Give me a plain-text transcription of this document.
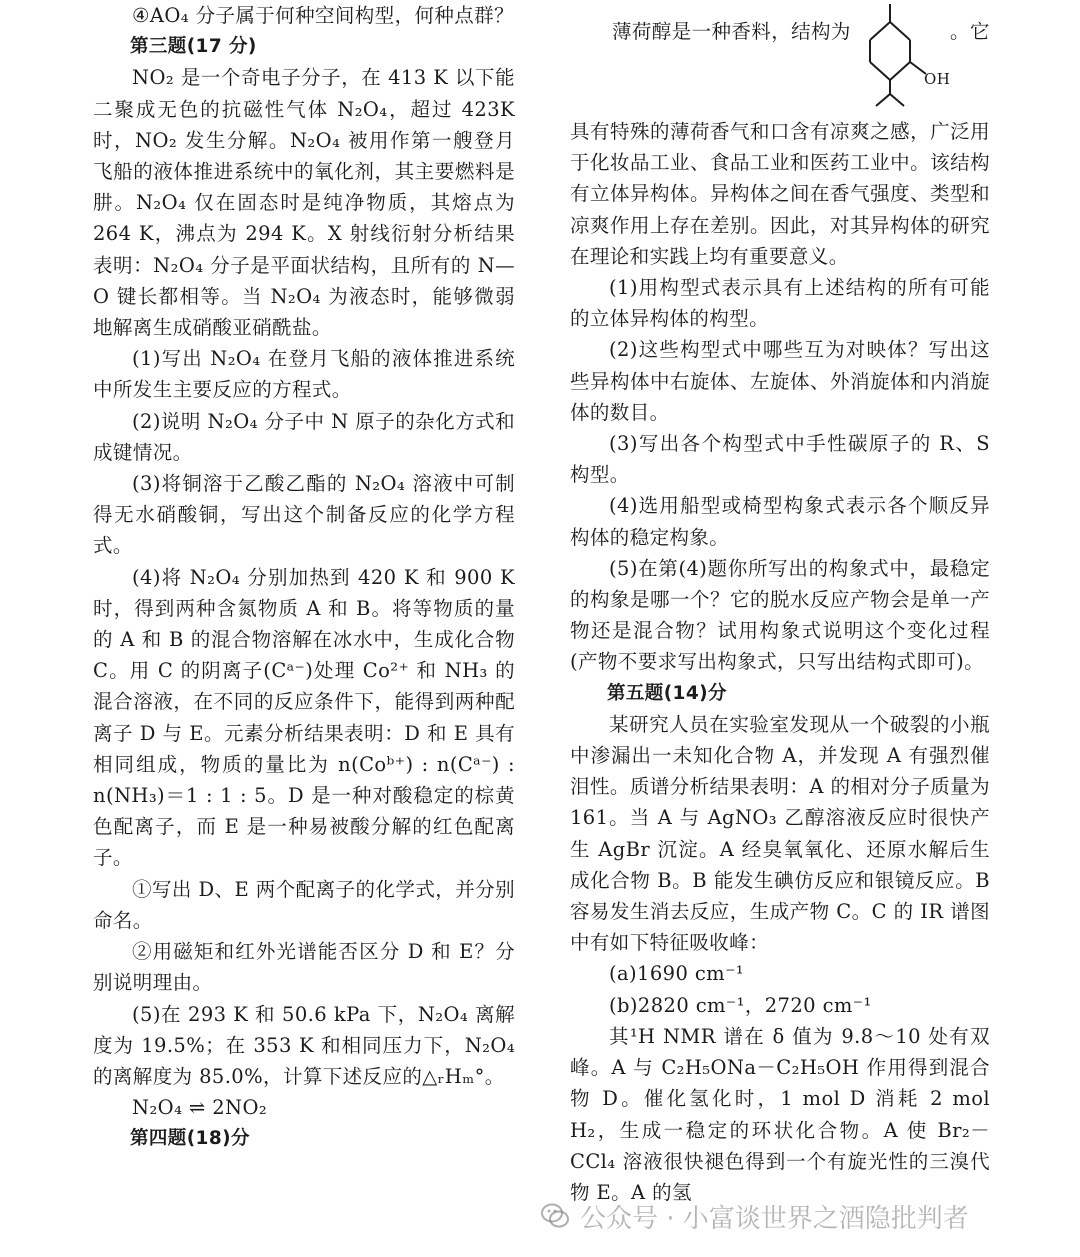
④AO₄ 分子属于何种空间构型，何种点群？

第三题(17 分)

NO₂ 是一个奇电子分子，在 413 K 以下能二聚成无色的抗磁性气体 N₂O₄，超过 423K 时，NO₂ 发生分解。N₂O₄ 被用作第一艘登月飞船的液体推进系统中的氧化剂，其主要燃料是肼。N₂O₄ 仅在固态时是纯净物质，其熔点为 264 K，沸点为 294 K。X 射线衍射分析结果表明：N₂O₄ 分子是平面状结构，且所有的 N—O 键长都相等。当 N₂O₄ 为液态时，能够微弱地解离生成硝酸亚硝酰盐。

(1)写出 N₂O₄ 在登月飞船的液体推进系统中所发生主要反应的方程式。

(2)说明 N₂O₄ 分子中 N 原子的杂化方式和成键情况。

(3)将铜溶于乙酸乙酯的 N₂O₄ 溶液中可制得无水硝酸铜，写出这个制备反应的化学方程式。

(4)将 N₂O₄ 分别加热到 420 K 和 900 K 时，得到两种含氮物质 A 和 B。将等物质的量的 A 和 B 的混合物溶解在冰水中，生成化合物 C。用 C 的阴离子(Cᵃ⁻)处理 Co²⁺ 和 NH₃ 的混合溶液，在不同的反应条件下，能得到两种配离子 D 与 E。元素分析结果表明：D 和 E 具有相同组成，物质的量比为 n(Coᵇ⁺) : n(Cᵃ⁻) : n(NH₃)＝1 : 1 : 5。D 是一种对酸稳定的棕黄色配离子，而 E 是一种易被酸分解的红色配离子。

①写出 D、E 两个配离子的化学式，并分别命名。

②用磁矩和红外光谱能否区分 D 和 E？分别说明理由。

(5)在 293 K 和 50.6 kPa 下，N₂O₄ 离解度为 19.5%；在 353 K 和相同压力下，N₂O₄ 的离解度为 85.0%，计算下述反应的△ᵣHₘ°。

N₂O₄ ⇌ 2NO₂

第四题(18)分

薄荷醇是一种香料，结构为
OH
。它

具有特殊的薄荷香气和口含有凉爽之感，广泛用于化妆品工业、食品工业和医药工业中。该结构有立体异构体。异构体之间在香气强度、类型和凉爽作用上存在差别。因此，对其异构体的研究在理论和实践上均有重要意义。

(1)用构型式表示具有上述结构的所有可能的立体异构体的构型。

(2)这些构型式中哪些互为对映体？写出这些异构体中右旋体、左旋体、外消旋体和内消旋体的数目。

(3)写出各个构型式中手性碳原子的 R、S 构型。

(4)选用船型或椅型构象式表示各个顺反异构体的稳定构象。

(5)在第(4)题你所写出的构象式中，最稳定的构象是哪一个？它的脱水反应产物会是单一产物还是混合物？试用构象式说明这个变化过程(产物不要求写出构象式，只写出结构式即可)。

第五题(14)分

某研究人员在实验室发现从一个破裂的小瓶中渗漏出一未知化合物 A，并发现 A 有强烈催泪性。质谱分析结果表明：A 的相对分子质量为 161。当 A 与 AgNO₃ 乙醇溶液反应时很快产生 AgBr 沉淀。A 经臭氧氧化、还原水解后生成化合物 B。B 能发生碘仿反应和银镜反应。B 容易发生消去反应，生成产物 C。C 的 IR 谱图中有如下特征吸收峰：

(a)1690 cm⁻¹

(b)2820 cm⁻¹，2720 cm⁻¹

其¹H NMR 谱在 δ 值为 9.8～10 处有双峰。A 与 C₂H₅ONa－C₂H₅OH 作用得到混合物 D。催化氢化时，1 mol D 消耗 2 mol H₂，生成一稳定的环状化合物。A 使 Br₂－CCl₄ 溶液很快褪色得到一个有旋光性的三溴代物 E。A 的氢

公众号 · 小富谈世界之酒隐批判者
